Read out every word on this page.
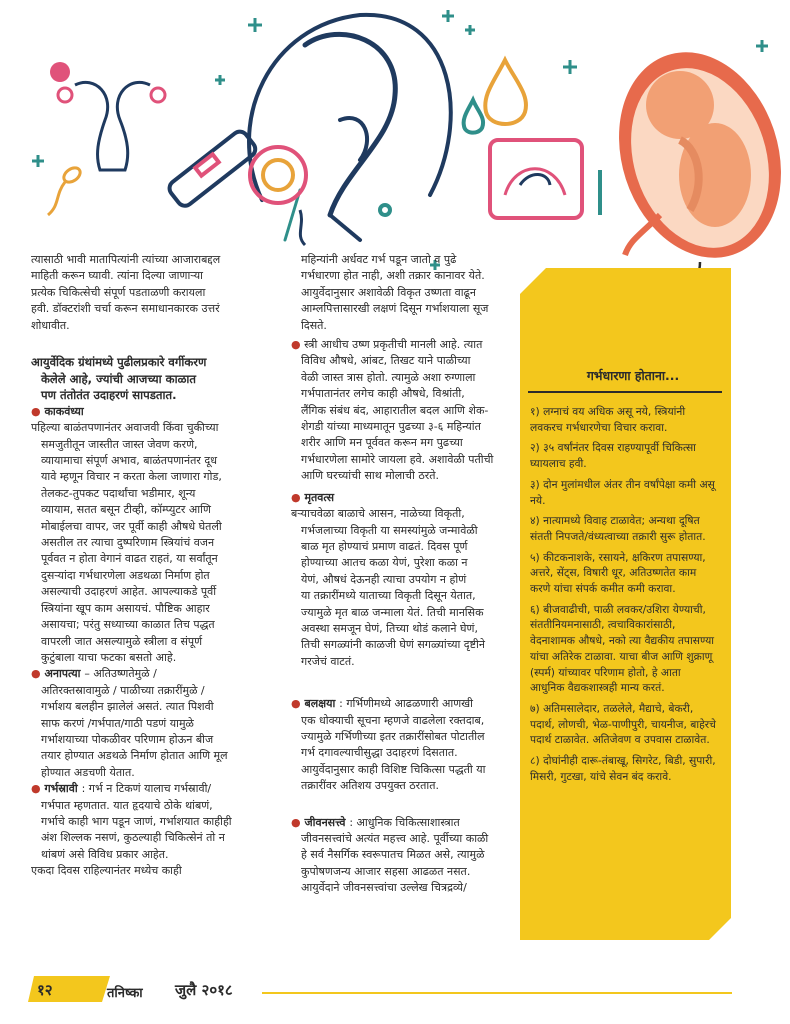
त्यासाठी भावी मातापित्यांनी त्यांच्या आजाराबद्दल

माहिती करून घ्यावी. त्यांना दिल्या जाणाऱ्या

प्रत्येक चिकित्सेची संपूर्ण पडताळणी करायला

हवी. डॉक्टरांशी चर्चा करून समाधानकारक उत्तरं

शोधावीत.

आयुर्वेदिक ग्रंथांमध्ये पुढीलप्रकारे वर्गीकरण

केलेले आहे, ज्यांची आजच्या काळात

पण तंतोतंत उदाहरणं सापडतात.

● काकवंध्या

पहिल्या बाळंतपणानंतर अवाजवी किंवा चुकीच्या

समजुतीतून जास्तीत जास्त जेवण करणे,

व्यायामाचा संपूर्ण अभाव, बाळंतपणानंतर दूध

यावे म्हणून विचार न करता केला जाणारा गोड,

तेलकट-तुपकट पदार्थांचा भडीमार, शून्य

व्यायाम, सतत बसून टीव्ही, कॉम्प्युटर आणि

मोबाईलचा वापर, जर पूर्वी काही औषधे घेतली

असतील तर त्याचा दुष्परिणाम स्त्रियांचं वजन

पूर्ववत न होता वेगानं वाढत राहतं, या सर्वांतून

दुसऱ्यांदा गर्भधारणेला अडथळा निर्माण होत

असल्याची उदाहरणं आहेत. आपल्याकडे पूर्वी

स्त्रियांना खूप काम असायचं. पौष्टिक आहार

असायचा; परंतु सध्याच्या काळात तिच पद्धत

वापरली जात असल्यामुळे स्त्रीला व संपूर्ण

कुटुंबाला याचा फटका बसतो आहे.

● अनापत्या – अतिउष्णतेमुळे /

अतिरक्तस्रावामुळे / पाळीच्या तक्रारींमुळे /

गर्भाशय बलहीन झालेलं असतं. त्यात पिशवी

साफ करणं /गर्भपात/गाठी पडणं यामुळे

गर्भाशयाच्या पोकळीवर परिणाम होऊन बीज

तयार होण्यात अडथळे निर्माण होतात आणि मूल

होण्यात अडचणी येतात.

● गर्भस्रावी : गर्भ न टिकणं यालाच गर्भस्रावी/

गर्भपात म्हणतात. यात हृदयाचे ठोके थांबणं,

गर्भाचे काही भाग पडून जाणं, गर्भाशयात काहीही

अंश शिल्लक नसणं, कुठल्याही चिकित्सेनं तो न

थांबणं असे विविध प्रकार आहेत.

एकदा दिवस राहिल्यानंतर मध्येच काही

महिन्यांनी अर्धवट गर्भ पडून जातो व पुढे

गर्भधारणा होत नाही, अशी तक्रार कानावर येते.

आयुर्वेदानुसार अशावेळी विकृत उष्णता वाढून

आम्लपित्तासारखी लक्षणं दिसून गर्भाशयाला सूज

दिसते.

● स्त्री आधीच उष्ण प्रकृतीची मानली आहे. त्यात

विविध औषधे, आंबट, तिखट याने पाळीच्या

वेळी जास्त त्रास होतो. त्यामुळे अशा रुग्णाला

गर्भपातानंतर लगेच काही औषधे, विश्रांती,

लैंगिक संबंध बंद, आहारातील बदल आणि शेक-

शेगडी यांच्या माध्यमातून पुढच्या ३-६ महिन्यांत

शरीर आणि मन पूर्ववत करून मग पुढच्या

गर्भधारणेला सामोरे जायला हवे. अशावेळी पतीची

आणि घरच्यांची साथ मोलाची ठरते.

● मृतवत्स

बऱ्याचवेळा बाळाचे आसन, नाळेच्या विकृती,

गर्भजलाच्या विकृती या समस्यांमुळे जन्मावेळी

बाळ मृत होण्याचं प्रमाण वाढतं. दिवस पूर्ण

होण्याच्या आतच कळा येणं, पुरेशा कळा न

येणं, औषधं देऊनही त्याचा उपयोग न होणं

या तक्रारींमध्ये याताच्या विकृती दिसून येतात,

ज्यामुळे मृत बाळ जन्माला येतं. तिची मानसिक

अवस्था समजून घेणं, तिच्या थोडं कलाने घेणं,

तिची सगळ्यांनी काळजी घेणं सगळ्यांच्या दृष्टीने

गरजेचं वाटतं.

● बलक्षया : गर्भिणीमध्ये आढळणारी आणखी

एक धोक्याची सूचना म्हणजे वाढलेला रक्तदाब,

ज्यामुळे गर्भिणीच्या इतर तक्रारींसोबत पोटातील

गर्भ दगावल्याचीसुद्धा उदाहरणं दिसतात.

आयुर्वेदानुसार काही विशिष्ट चिकित्सा पद्धती या

तक्रारींवर अतिशय उपयुक्त ठरतात.

● जीवनसत्त्वे : आधुनिक चिकित्साशास्त्रात

जीवनसत्त्वांचे अत्यंत महत्त्व आहे. पूर्वीच्या काळी

हे सर्व नैसर्गिक स्वरूपातच मिळत असे, त्यामुळे

कुपोषणजन्य आजार सहसा आढळत नसत.

आयुर्वेदाने जीवनसत्त्वांचा उल्लेख चित्रद्रव्ये/

गर्भधारणा होताना...
१) लग्नाचं वय अधिक असू नये, स्त्रियांनी लवकरच गर्भधारणेचा विचार करावा.
२) ३५ वर्षांनंतर दिवस राहण्यापूर्वी चिकित्सा घ्यायलाच हवी.
३) दोन मुलांमधील अंतर तीन वर्षांपेक्षा कमी असू नये.
४) नात्यामध्ये विवाह टाळावेत; अन्यथा दूषित संतती निपजते/वंध्यत्वाच्या तक्रारी सुरू होतात.
५) कीटकनाशके, रसायने, क्षकिरण तपासण्या, अत्तरे, सेंट्स, विषारी धूर, अतिउष्णतेत काम करणे यांचा संपर्क कमीत कमी करावा.
६) बीजवाढीची, पाळी लवकर/उशिरा येण्याची, संततीनियमनासाठी, त्वचाविकारांसाठी, वेदनाशामक औषधे, नको त्या वैद्यकीय तपासण्या यांचा अतिरेक टाळावा. याचा बीज आणि शुक्राणू (स्पर्म) यांच्यावर परिणाम होतो, हे आता आधुनिक वैद्यकशास्त्रही मान्य करतं.
७) अतिमसालेदार, तळलेले, मैद्याचे, बेकरी, पदार्थ, लोणची, भेळ-पाणीपुरी, चायनीज, बाहेरचे पदार्थ टाळावेत. अतिजेवण व उपवास टाळावेत.
८) दोघांनीही दारू-तंबाखू, सिगरेट, बिडी, सुपारी, मिसरी, गुटखा, यांचे सेवन बंद करावे.
१२	तनिष्का जुलै २०१८
